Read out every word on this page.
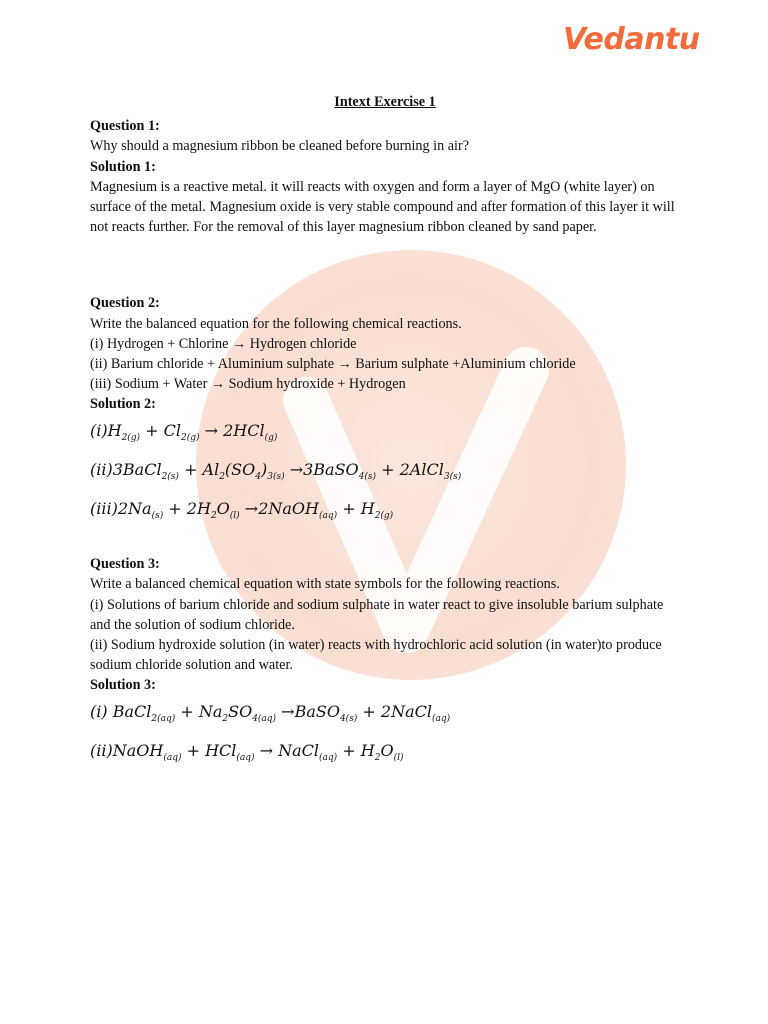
Vedantu

Intext Exercise 1

Question 1:

Why should a magnesium ribbon be cleaned before burning in air?

Solution 1:

Magnesium is a reactive metal. it will reacts with oxygen and form a layer of MgO (white layer) on surface of the metal. Magnesium oxide is very stable compound and after formation of this layer it will not reacts further. For the removal of this layer magnesium ribbon cleaned by sand paper.

Question 2:

Write the balanced equation for the following chemical reactions.

(i) Hydrogen + Chlorine → Hydrogen chloride

(ii) Barium chloride + Aluminium sulphate → Barium sulphate +Aluminium chloride

(iii) Sodium + Water → Sodium hydroxide + Hydrogen

Solution 2:

$(i)H_{2(g)} + Cl_{2(g)} \to 2HCl_{(g)}$
(ii)3BaCl$_{2(s)}$ + $Al_2(SO_4)_{3(s)}$ →3BaSO$_{4(s)}$ + 2AlCl$_{3(s)}$
$(iii)2Na_{(s)} + 2H_2O_{(l)}$ →2NaOH$_{(aq)}$ + $H_{2(g)}$

Question 3:

Write a balanced chemical equation with state symbols for the following reactions.

(i) Solutions of barium chloride and sodium sulphate in water react to give insoluble barium sulphate and the solution of sodium chloride.

(ii) Sodium hydroxide solution (in water) reacts with hydrochloric acid solution (in water)to produce sodium chloride solution and water.

Solution 3:

(i) BaCl$_{2(aq)}$ + $Na_2SO_{4(aq)}$ →BaSO$_{4(s)}$ + 2NaCl$_{(aq)}$
(ii)NaOH$_{(aq)}$ + HCl$_{(aq)}$ → NaCl$_{(aq)}$ + $H_2O_{(l)}$
